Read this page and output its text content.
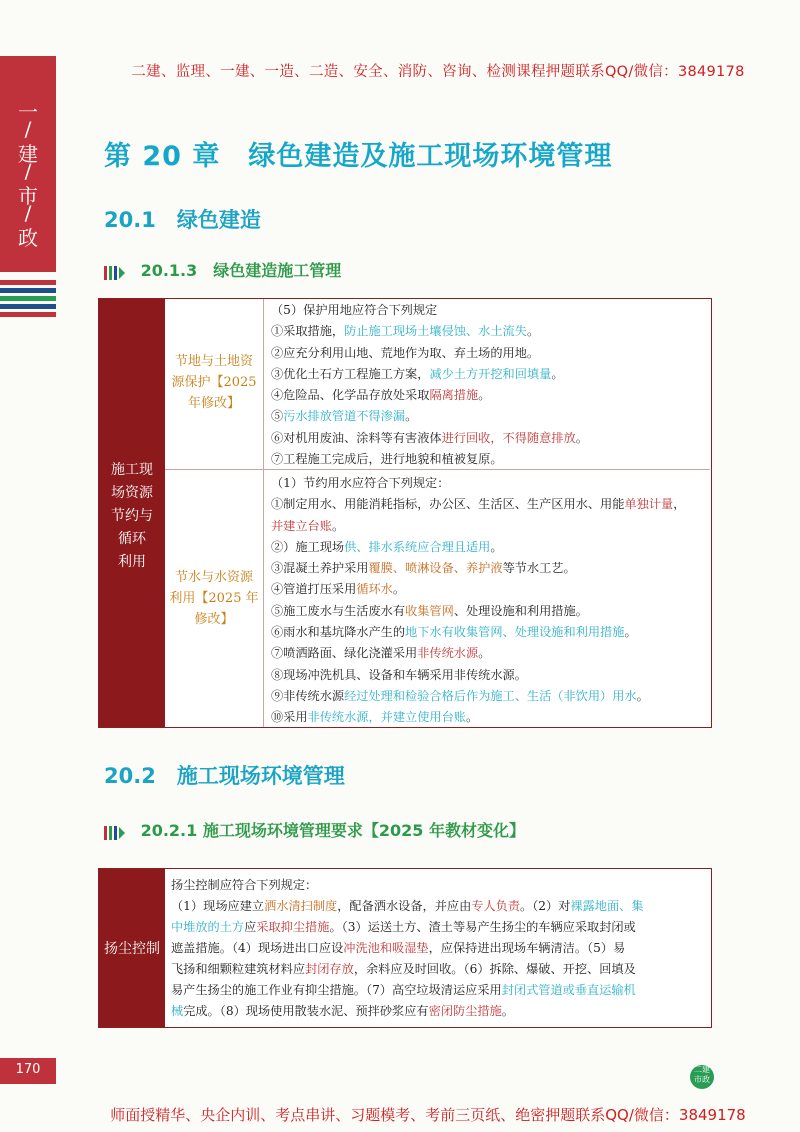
一
/
建
/
市
/
政
二建、监理、一建、一造、二造、安全、消防、咨询、检测课程押题联系QQ/微信：3849178
第 20 章　绿色建造及施工现场环境管理
20.1　绿色建造
20.1.3　绿色建造施工管理
施工现
场资源
节约与
循环
利用
节地与土地资
源保护【2025
年修改】
节水与水资源
利用【2025 年
修改】
（5）保护用地应符合下列规定
①采取措施，防止施工现场土壤侵蚀、水土流失。
②应充分利用山地、荒地作为取、弃土场的用地。
③优化土石方工程施工方案，减少土方开挖和回填量。
④危险品、化学品存放处采取隔离措施。
⑤污水排放管道不得渗漏。
⑥对机用废油、涂料等有害液体进行回收，不得随意排放。
⑦工程施工完成后，进行地貌和植被复原。
（1）节约用水应符合下列规定：
①制定用水、用能消耗指标，办公区、生活区、生产区用水、用能单独计量，
并建立台账。
②）施工现场供、排水系统应合理且适用。
③混凝土养护采用覆膜、喷淋设备、养护液等节水工艺。
④管道打压采用循环水。
⑤施工废水与生活废水有收集管网、处理设施和利用措施。
⑥雨水和基坑降水产生的地下水有收集管网、处理设施和利用措施。
⑦喷洒路面、绿化浇灌采用非传统水源。
⑧现场冲洗机具、设备和车辆采用非传统水源。
⑨非传统水源经过处理和检验合格后作为施工、生活（非饮用）用水。
⑩采用非传统水源，并建立使用台账。
20.2　施工现场环境管理
20.2.1 施工现场环境管理要求【2025 年教材变化】
扬尘控制
扬尘控制应符合下列规定：
（1）现场应建立洒水清扫制度，配备洒水设备，并应由专人负责。（2）对裸露地面、集
中堆放的土方应采取抑尘措施。（3）运送土方、渣土等易产生扬尘的车辆应采取封闭或
遮盖措施。（4）现场进出口应设冲洗池和吸湿垫，应保持进出现场车辆清洁。（5）易
飞扬和细颗粒建筑材料应封闭存放，余料应及时回收。（6）拆除、爆破、开挖、回填及
易产生扬尘的施工作业有抑尘措施。（7）高空垃圾清运应采用封闭式管道或垂直运输机
械完成。（8）现场使用散装水泥、预拌砂浆应有密闭防尘措施。
170	二建 市政
师面授精华、央企内训、考点串讲、习题模考、考前三页纸、绝密押题联系QQ/微信：3849178
